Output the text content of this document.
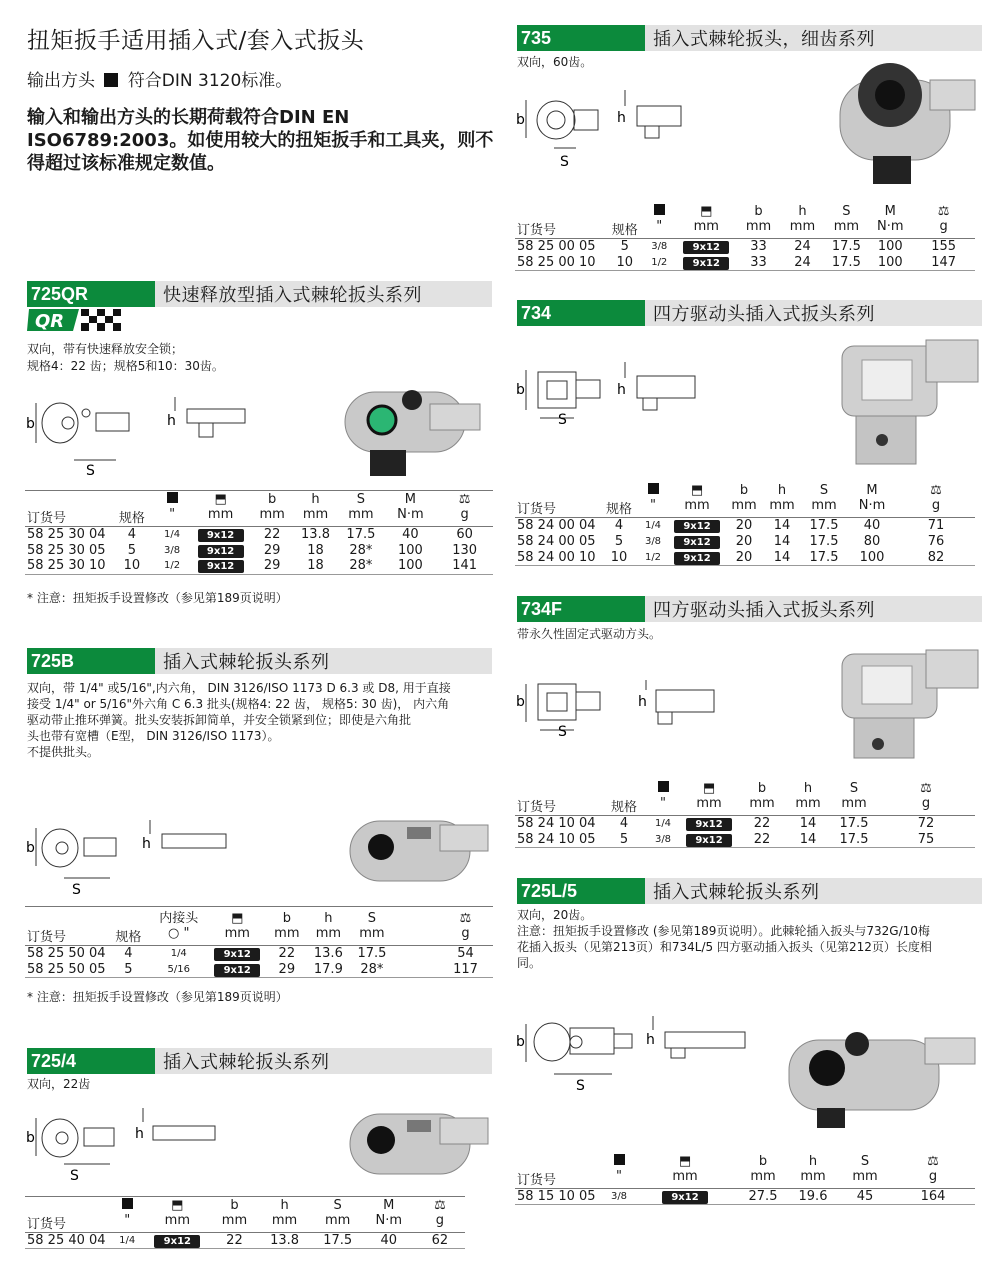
扭矩扳手适用插入式/套入式扳头
输出方头 符合DIN 3120标准。
输入和输出方头的长期荷载符合DIN EN ISO6789:2003。如使用较大的扭矩扳手和工具夹，则不得超过该标准规定数值。
725QR	快速释放型插入式棘轮扳头系列
QR
双向，带有快速释放安全锁；
规格4：22 齿；规格5和10：30齿。
b
S
h
			⬒	b	h	S	M	⚖
订货号	规格	"	mm	mm	mm	mm	N·m	g
58 25 30 04	4	1/4	9x12	22	13.8	17.5	40	60
58 25 30 05	5	3/8	9x12	29	18	28*	100	130
58 25 30 10	10	1/2	9x12	29	18	28*	100	141
* 注意：扭矩扳手设置修改（参见第189页说明）
725B	插入式棘轮扳头系列
双向，带 1/4" 或5/16",内六角， DIN 3126/ISO 1173 D 6.3 或 D8, 用于直接
接受 1/4" or 5/16"外六角 C 6.3 批头(规格4: 22 齿， 规格5: 30 齿)， 内六角
驱动带止推环弹簧。批头安装拆卸简单，并安全锁紧到位；即使是六角批
头也带有宽槽（E型， DIN 3126/ISO 1173）。
不提供批头。
b
S
h
		内接头	⬒	b	h	S		⚖
订货号	规格	○ "	mm	mm	mm	mm		g
58 25 50 04	4	1/4	9x12	22	13.6	17.5		54
58 25 50 05	5	5/16	9x12	29	17.9	28*		117
* 注意：扭矩扳手设置修改（参见第189页说明）
725/4	插入式棘轮扳头系列
双向，22齿
b
S
h
		⬒	b	h	S	M	⚖
订货号	"	mm	mm	mm	mm	N·m	g
58 25 40 04	1/4	9x12	22	13.8	17.5	40	62
735	插入式棘轮扳头，细齿系列
双向，60齿。
b
S
h
			⬒	b	h	S	M	⚖
订货号	规格	"	mm	mm	mm	mm	N·m	g
58 25 00 05	5	3/8	9x12	33	24	17.5	100	155
58 25 00 10	10	1/2	9x12	33	24	17.5	100	147
734	四方驱动头插入式扳头系列
b
S
h
			⬒	b	h	S	M	⚖
订货号	规格	"	mm	mm	mm	mm	N·m	g
58 24 00 04	4	1/4	9x12	20	14	17.5	40	71
58 24 00 05	5	3/8	9x12	20	14	17.5	80	76
58 24 00 10	10	1/2	9x12	20	14	17.5	100	82
734F	四方驱动头插入式扳头系列
带永久性固定式驱动方头。
b
S
h
			⬒	b	h	S	⚖
订货号	规格	"	mm	mm	mm	mm	g
58 24 10 04	4	1/4	9x12	22	14	17.5	72
58 24 10 05	5	3/8	9x12	22	14	17.5	75
725L/5	插入式棘轮扳头系列
双向，20齿。
注意：扭矩扳手设置修改 (参见第189页说明）。此棘轮插入扳头与732G/10梅
花插入扳头（见第213页）和734L/5 四方驱动插入扳头（见第212页）长度相
同。
b
S
h
		⬒	b	h	S	⚖
订货号	"	mm	mm	mm	mm	g
58 15 10 05	3/8	9x12	27.5	19.6	45	164
